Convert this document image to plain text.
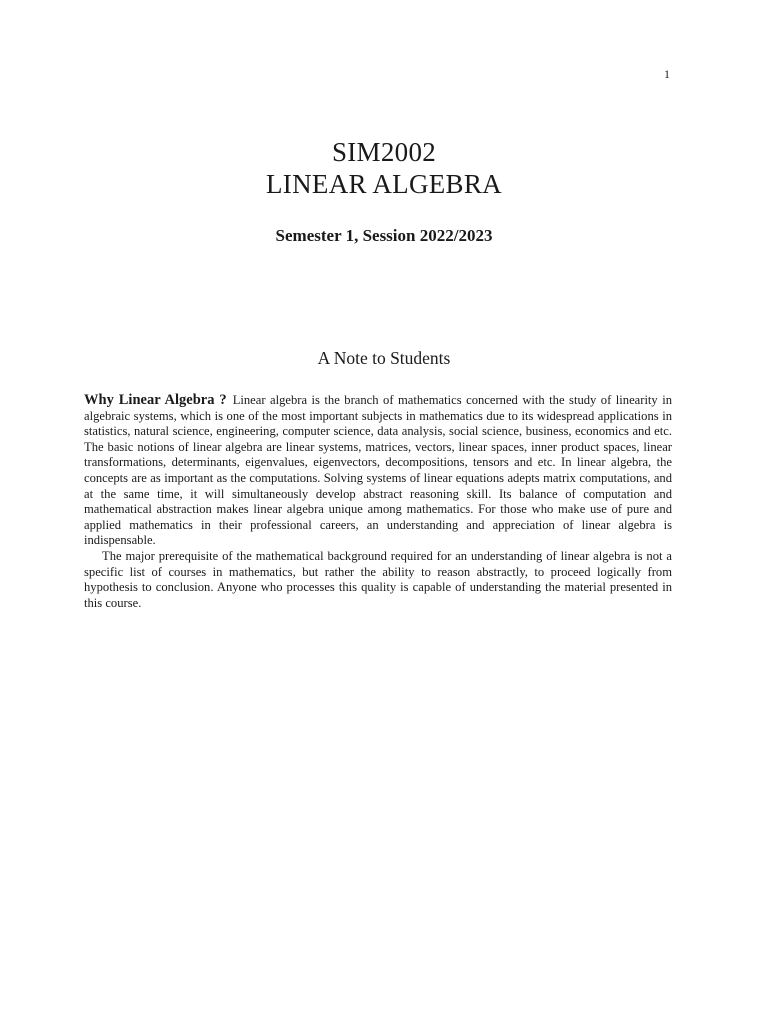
1
SIM2002
LINEAR ALGEBRA
Semester 1, Session 2022/2023
A Note to Students

Why Linear Algebra ? Linear algebra is the branch of mathematics concerned with the study of linearity in algebraic systems, which is one of the most important subjects in mathematics due to its widespread applications in statistics, natural science, engineering, computer science, data analysis, social science, business, economics and etc. The basic notions of linear algebra are linear systems, matrices, vectors, linear spaces, inner product spaces, linear transformations, determinants, eigenvalues, eigenvectors, decompositions, tensors and etc. In linear algebra, the concepts are as important as the computations. Solving systems of linear equations adepts matrix computations, and at the same time, it will simultaneously develop abstract reasoning skill. Its balance of computation and mathematical abstraction makes linear algebra unique among mathematics. For those who make use of pure and applied mathematics in their professional careers, an understanding and appreciation of linear algebra is indispensable.

The major prerequisite of the mathematical background required for an understanding of linear algebra is not a specific list of courses in mathematics, but rather the ability to reason abstractly, to proceed logically from hypothesis to conclusion. Anyone who processes this quality is capable of understanding the material presented in this course.
